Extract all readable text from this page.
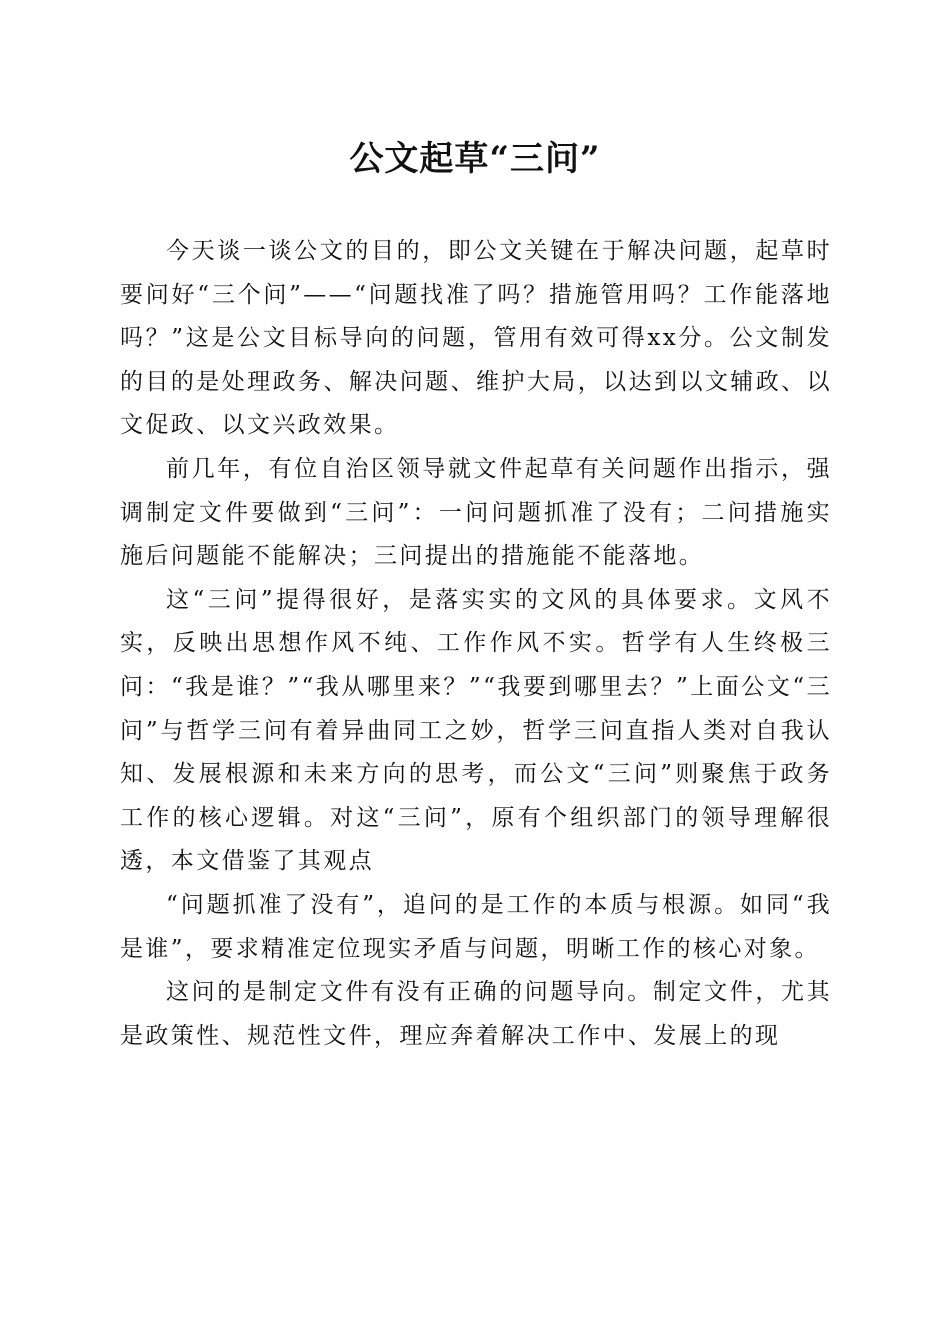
公文起草“三问”

今天谈一谈公文的目的，即公文关键在于解决问题，起草时要问好“三个问”——“问题找准了吗？措施管用吗？工作能落地吗？”这是公文目标导向的问题，管用有效可得xx分。公文制发的目的是处理政务、解决问题、维护大局，以达到以文辅政、以文促政、以文兴政效果。

前几年，有位自治区领导就文件起草有关问题作出指示，强调制定文件要做到“三问”：一问问题抓准了没有；二问措施实施后问题能不能解决；三问提出的措施能不能落地。

这“三问”提得很好，是落实实的文风的具体要求。文风不实，反映出思想作风不纯、工作作风不实。哲学有人生终极三问：“我是谁？”“我从哪里来？”“我要到哪里去？”上面公文“三问”与哲学三问有着异曲同工之妙，哲学三问直指人类对自我认知、发展根源和未来方向的思考，而公文“三问”则聚焦于政务工作的核心逻辑。对这“三问”，原有个组织部门的领导理解很透，本文借鉴了其观点

“问题抓准了没有”，追问的是工作的本质与根源。如同“我是谁”，要求精准定位现实矛盾与问题，明晰工作的核心对象。

这问的是制定文件有没有正确的问题导向。制定文件，尤其是政策性、规范性文件，理应奔着解决工作中、发展上的现
